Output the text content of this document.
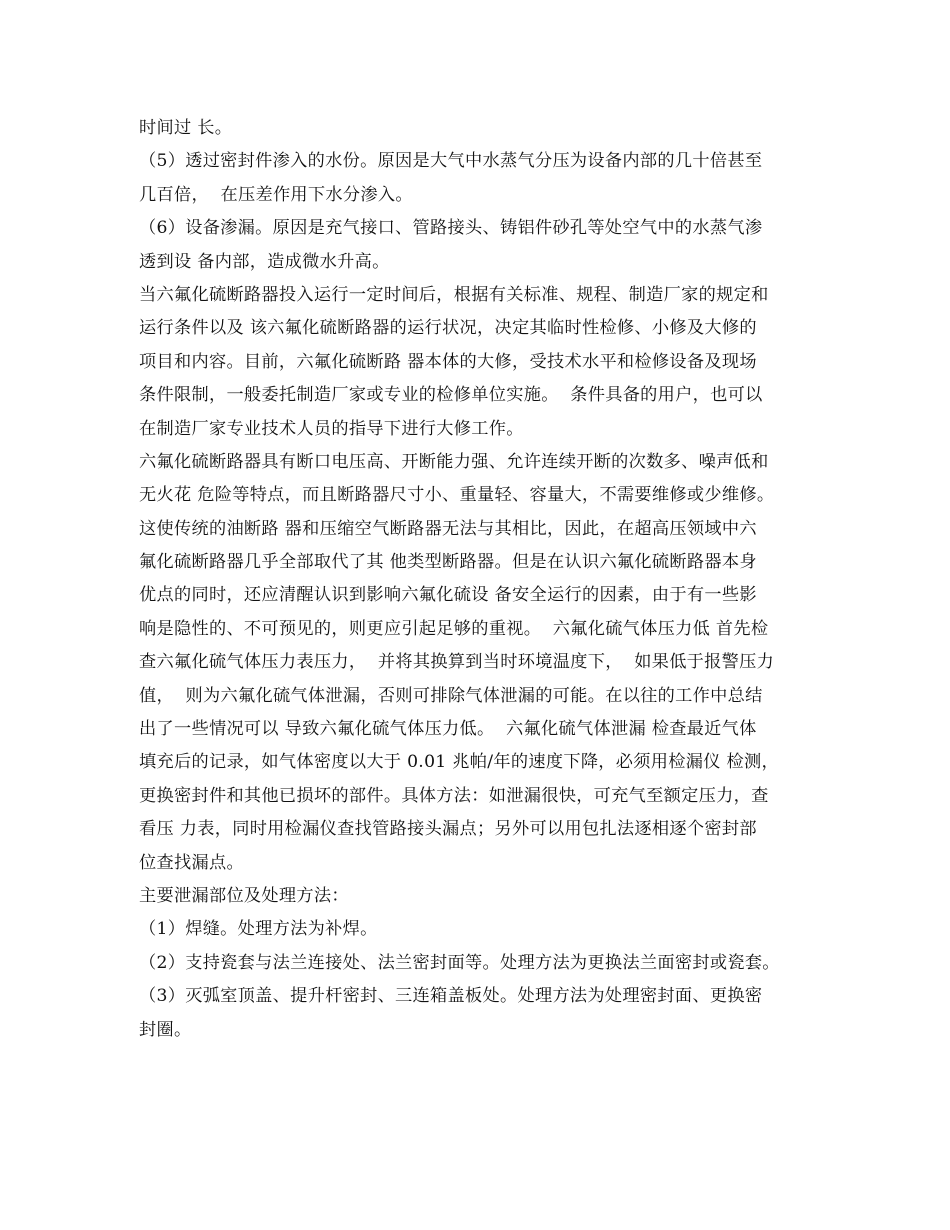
时间过 长。
（5）透过密封件渗入的水份。原因是大气中水蒸气分压为设备内部的几十倍甚至
几百倍，  在压差作用下水分渗入。
（6）设备渗漏。原因是充气接口、管路接头、铸铝件砂孔等处空气中的水蒸气渗
透到设 备内部，造成微水升高。
当六氟化硫断路器投入运行一定时间后，根据有关标准、规程、制造厂家的规定和
运行条件以及 该六氟化硫断路器的运行状况，决定其临时性检修、小修及大修的
项目和内容。目前，六氟化硫断路 器本体的大修，受技术水平和检修设备及现场
条件限制，一般委托制造厂家或专业的检修单位实施。  条件具备的用户，也可以
在制造厂家专业技术人员的指导下进行大修工作。
六氟化硫断路器具有断口电压高、开断能力强、允许连续开断的次数多、噪声低和
无火花 危险等特点，而且断路器尺寸小、重量轻、容量大，不需要维修或少维修。
这使传统的油断路 器和压缩空气断路器无法与其相比，因此，在超高压领域中六
氟化硫断路器几乎全部取代了其 他类型断路器。但是在认识六氟化硫断路器本身
优点的同时，还应清醒认识到影响六氟化硫设 备安全运行的因素，由于有一些影
响是隐性的、不可预见的，则更应引起足够的重视。  六氟化硫气体压力低 首先检
查六氟化硫气体压力表压力，  并将其换算到当时环境温度下，  如果低于报警压力
值，  则为六氟化硫气体泄漏，否则可排除气体泄漏的可能。在以往的工作中总结
出了一些情况可以 导致六氟化硫气体压力低。  六氟化硫气体泄漏 检查最近气体
填充后的记录，如气体密度以大于 0.01 兆帕/年的速度下降，必须用检漏仪 检测，
更换密封件和其他已损坏的部件。具体方法：如泄漏很快，可充气至额定压力，查
看压 力表，同时用检漏仪查找管路接头漏点；另外可以用包扎法逐相逐个密封部
位查找漏点。
主要泄漏部位及处理方法：
（1）焊缝。处理方法为补焊。
（2）支持瓷套与法兰连接处、法兰密封面等。处理方法为更换法兰面密封或瓷套。
（3）灭弧室顶盖、提升杆密封、三连箱盖板处。处理方法为处理密封面、更换密
封圈。
